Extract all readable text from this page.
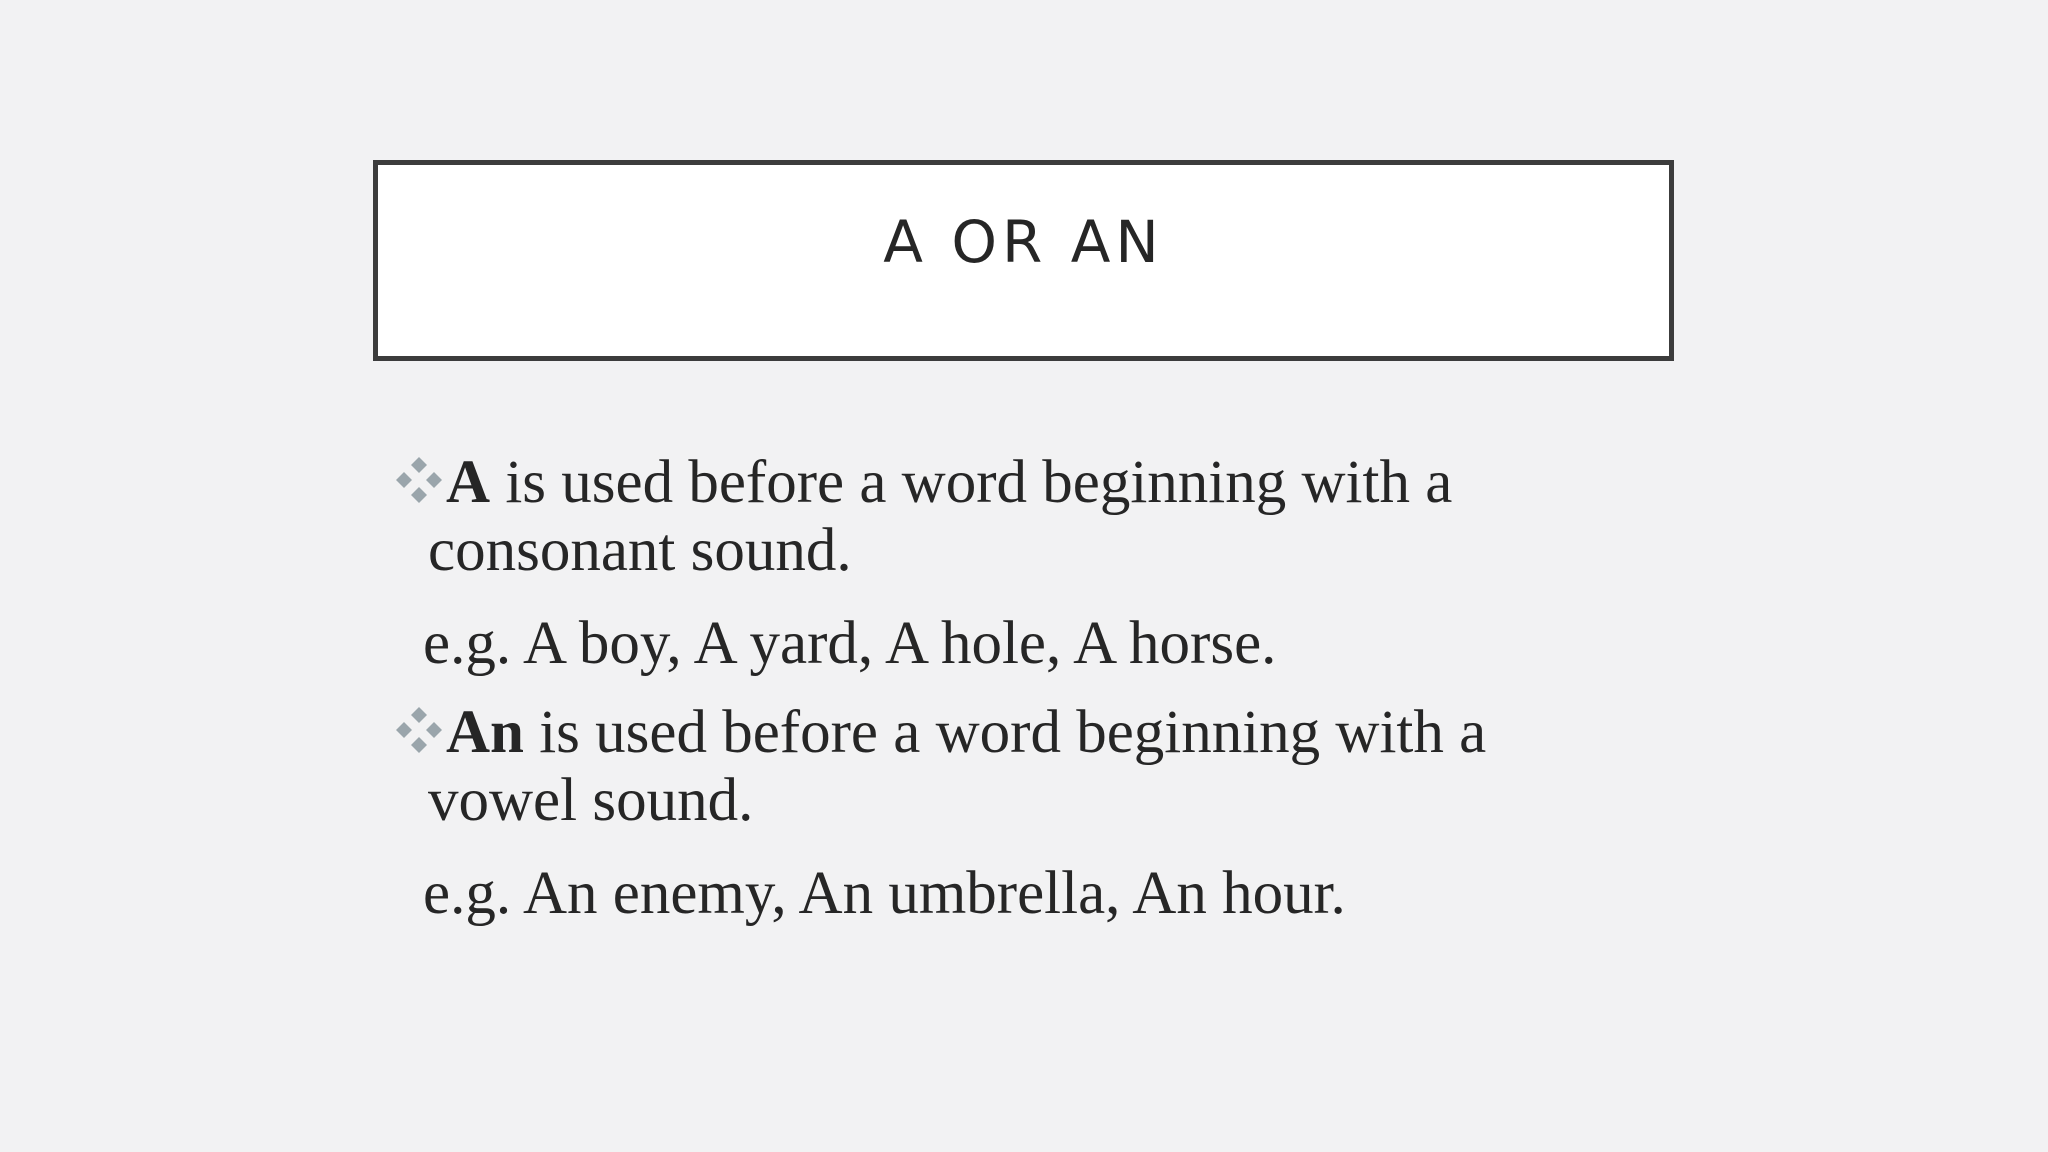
A OR AN
A is used before a word beginning with a
consonant sound.
e.g. A boy, A yard, A hole, A horse.
An is used before a word beginning with a
vowel sound.
e.g. An enemy, An umbrella, An hour.
